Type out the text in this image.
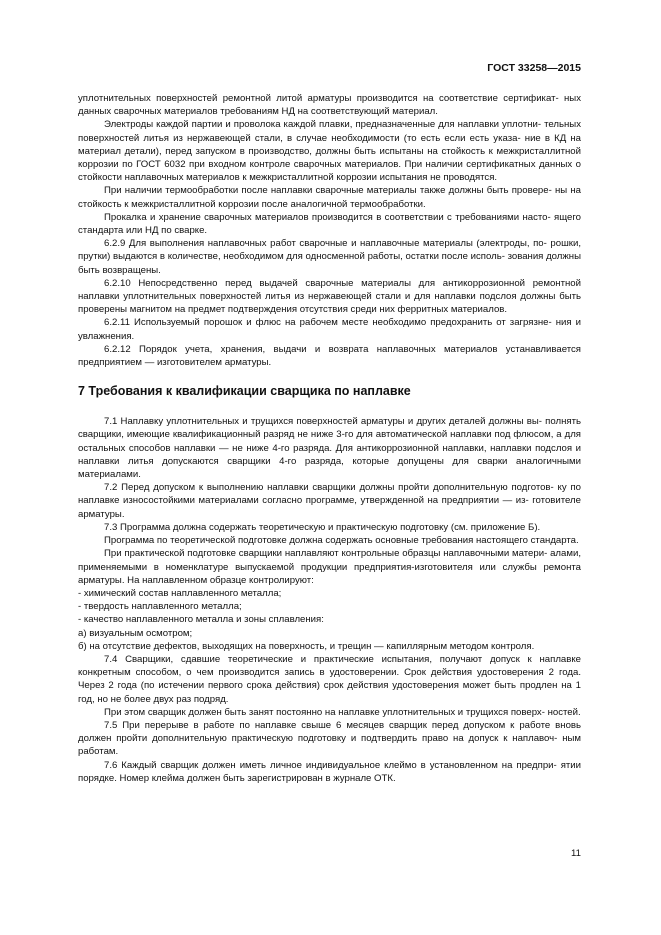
ГОСТ 33258—2015

уплотнительных поверхностей ремонтной литой арматуры производится на соответствие сертификат- ных данных сварочных материалов требованиям НД на соответствующий материал.

Электроды каждой партии и проволока каждой плавки, предназначенные для наплавки уплотни- тельных поверхностей литья из нержавеющей стали, в случае необходимости (то есть если есть указа- ние в КД на материал детали), перед запуском в производство, должны быть испытаны на стойкость к межкристаллитной коррозии по ГОСТ 6032 при входном контроле сварочных материалов. При наличии сертификатных данных о стойкости наплавочных материалов к межкристаллитной коррозии испытания не проводятся.

При наличии термообработки после наплавки сварочные материалы также должны быть провере- ны на стойкость к межкристаллитной коррозии после аналогичной термообработки.

Прокалка и хранение сварочных материалов производится в соответствии с требованиями насто- ящего стандарта или НД по сварке.

6.2.9 Для выполнения наплавочных работ сварочные и наплавочные материалы (электроды, по- рошки, прутки) выдаются в количестве, необходимом для односменной работы, остатки после исполь- зования должны быть возвращены.

6.2.10 Непосредственно перед выдачей сварочные материалы для антикоррозионной ремонтной наплавки уплотнительных поверхностей литья из нержавеющей стали и для наплавки подслоя должны быть проверены магнитом на предмет подтверждения отсутствия среди них ферритных материалов.

6.2.11 Используемый порошок и флюс на рабочем месте необходимо предохранить от загрязне- ния и увлажнения.

6.2.12 Порядок учета, хранения, выдачи и возврата наплавочных материалов устанавливается предприятием — изготовителем арматуры.

7 Требования к квалификации сварщика по наплавке

7.1 Наплавку уплотнительных и трущихся поверхностей арматуры и других деталей должны вы- полнять сварщики, имеющие квалификационный разряд не ниже 3-го для автоматической наплавки под флюсом, а для остальных способов наплавки — не ниже 4-го разряда. Для антикоррозионной наплавки, наплавки подслоя и наплавки литья допускаются сварщики 4-го разряда, которые допущены для сварки аналогичными материалами.

7.2 Перед допуском к выполнению наплавки сварщики должны пройти дополнительную подготов- ку по наплавке износостойкими материалами согласно программе, утвержденной на предприятии — из- готовителе арматуры.

7.3 Программа должна содержать теоретическую и практическую подготовку (см. приложение Б).

Программа по теоретической подготовке должна содержать основные требования настоящего стандарта.

При практической подготовке сварщики наплавляют контрольные образцы наплавочными матери- алами, применяемыми в номенклатуре выпускаемой продукции предприятия-изготовителя или службы ремонта арматуры. На наплавленном образце контролируют:

- химический состав наплавленного металла;

- твердость наплавленного металла;

- качество наплавленного металла и зоны сплавления:

а) визуальным осмотром;

б) на отсутствие дефектов, выходящих на поверхность, и трещин — капиллярным методом контроля.

7.4 Сварщики, сдавшие теоретические и практические испытания, получают допуск к наплавке конкретным способом, о чем производится запись в удостоверении. Срок действия удостоверения 2 года. Через 2 года (по истечении первого срока действия) срок действия удостоверения может быть продлен на 1 год, но не более двух раз подряд.

При этом сварщик должен быть занят постоянно на наплавке уплотнительных и трущихся поверх- ностей.

7.5 При перерыве в работе по наплавке свыше 6 месяцев сварщик перед допуском к работе вновь должен пройти дополнительную практическую подготовку и подтвердить право на допуск к наплавоч- ным работам.

7.6 Каждый сварщик должен иметь личное индивидуальное клеймо в установленном на предпри- ятии порядке. Номер клейма должен быть зарегистрирован в журнале ОТК.

11
